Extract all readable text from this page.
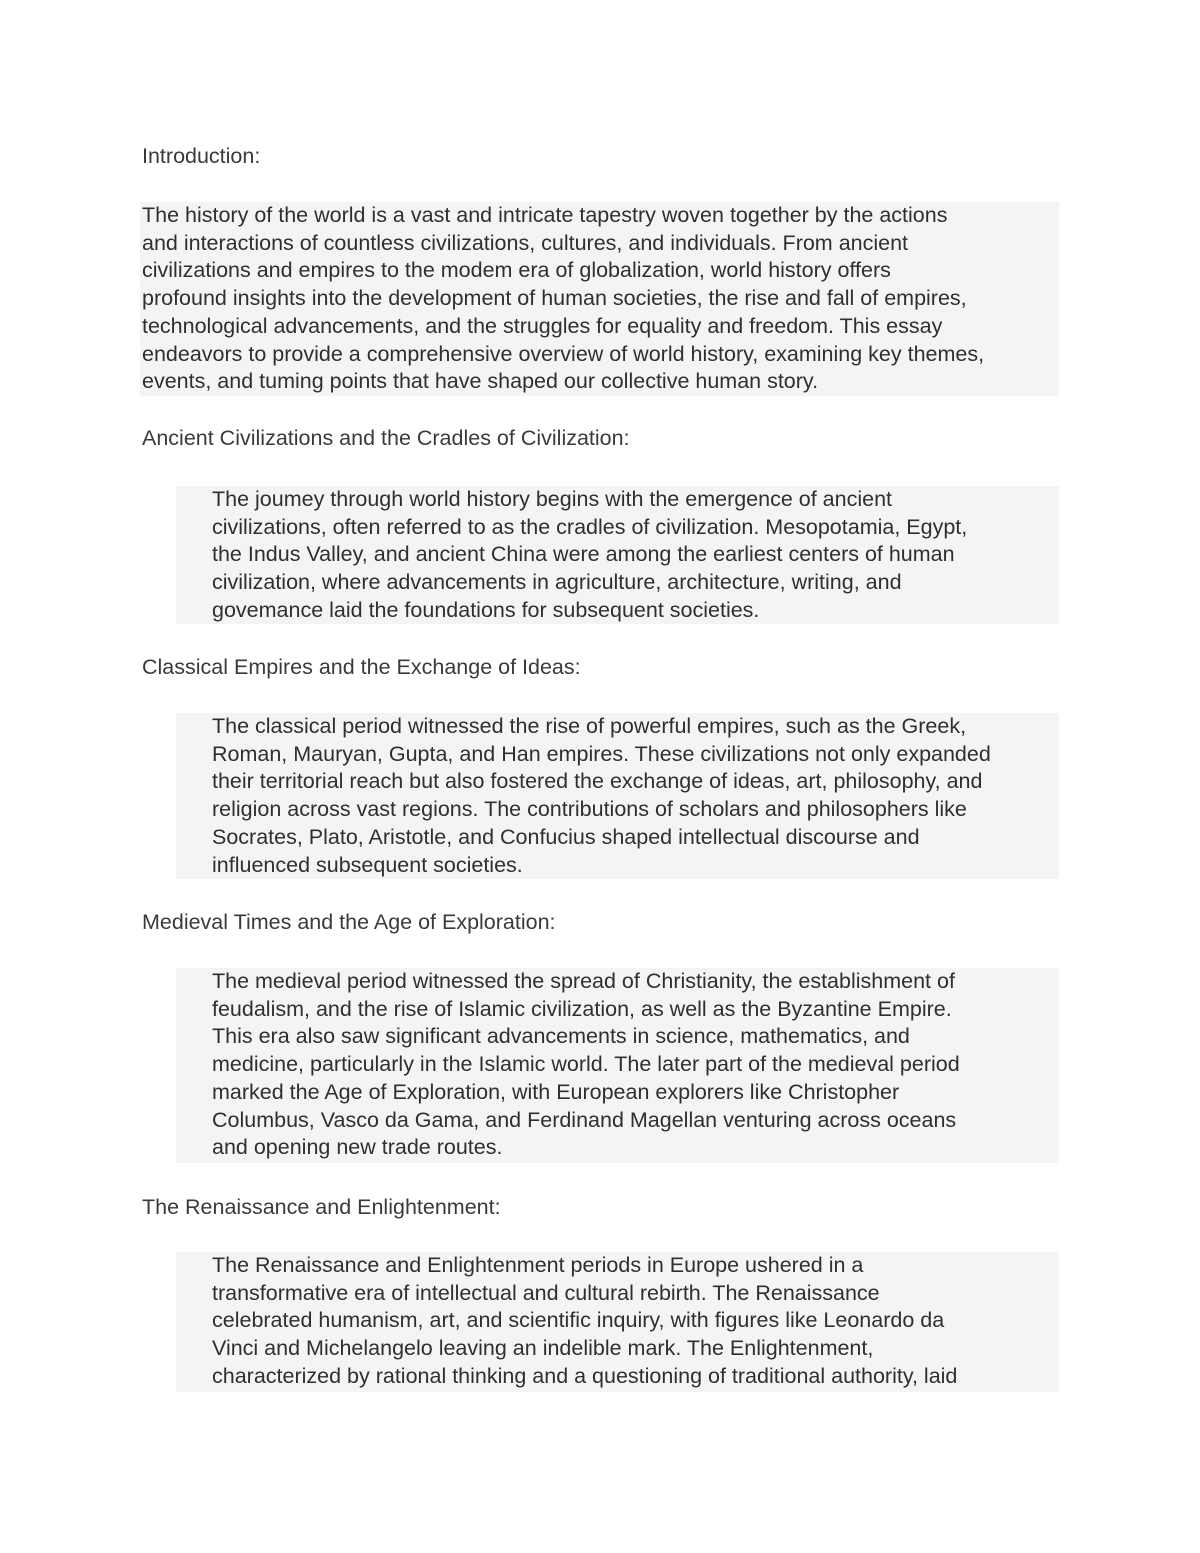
Introduction:
The history of the world is a vast and intricate tapestry woven together by the actions
and interactions of countless civilizations, cultures, and individuals. From ancient
civilizations and empires to the modem era of globalization, world history offers
profound insights into the development of human societies, the rise and fall of empires,
technological advancements, and the struggles for equality and freedom. This essay
endeavors to provide a comprehensive overview of world history, examining key themes,
events, and tuming points that have shaped our collective human story.
Ancient Civilizations and the Cradles of Civilization:
The joumey through world history begins with the emergence of ancient
civilizations, often referred to as the cradles of civilization. Mesopotamia, Egypt,
the Indus Valley, and ancient China were among the earliest centers of human
civilization, where advancements in agriculture, architecture, writing, and
govemance laid the foundations for subsequent societies.
Classical Empires and the Exchange of Ideas:
The classical period witnessed the rise of powerful empires, such as the Greek,
Roman, Mauryan, Gupta, and Han empires. These civilizations not only expanded
their territorial reach but also fostered the exchange of ideas, art, philosophy, and
religion across vast regions. The contributions of scholars and philosophers like
Socrates, Plato, Aristotle, and Confucius shaped intellectual discourse and
influenced subsequent societies.
Medieval Times and the Age of Exploration:
The medieval period witnessed the spread of Christianity, the establishment of
feudalism, and the rise of Islamic civilization, as well as the Byzantine Empire.
This era also saw significant advancements in science, mathematics, and
medicine, particularly in the Islamic world. The later part of the medieval period
marked the Age of Exploration, with European explorers like Christopher
Columbus, Vasco da Gama, and Ferdinand Magellan venturing across oceans
and opening new trade routes.
The Renaissance and Enlightenment:
The Renaissance and Enlightenment periods in Europe ushered in a
transformative era of intellectual and cultural rebirth. The Renaissance
celebrated humanism, art, and scientific inquiry, with figures like Leonardo da
Vinci and Michelangelo leaving an indelible mark. The Enlightenment,
characterized by rational thinking and a questioning of traditional authority, laid
